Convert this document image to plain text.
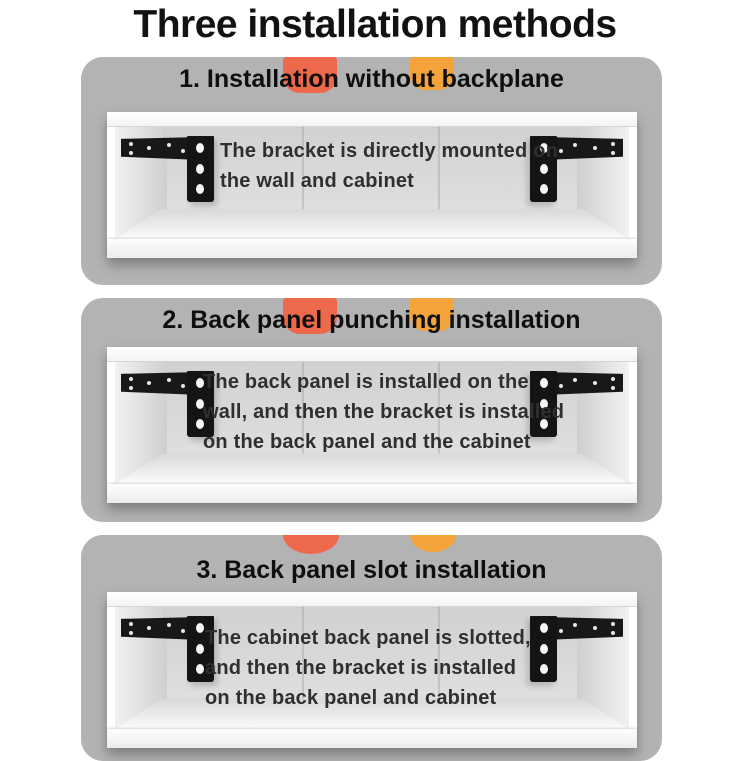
Three installation methods
1. Installation without backplane
The bracket is directly mounted on
the wall and cabinet
2. Back panel punching installation
The back panel is installed on the
wall, and then the bracket is installed
on the back panel and the cabinet
3. Back panel slot installation
The cabinet back panel is slotted,
and then the bracket is installed
on the back panel and cabinet
